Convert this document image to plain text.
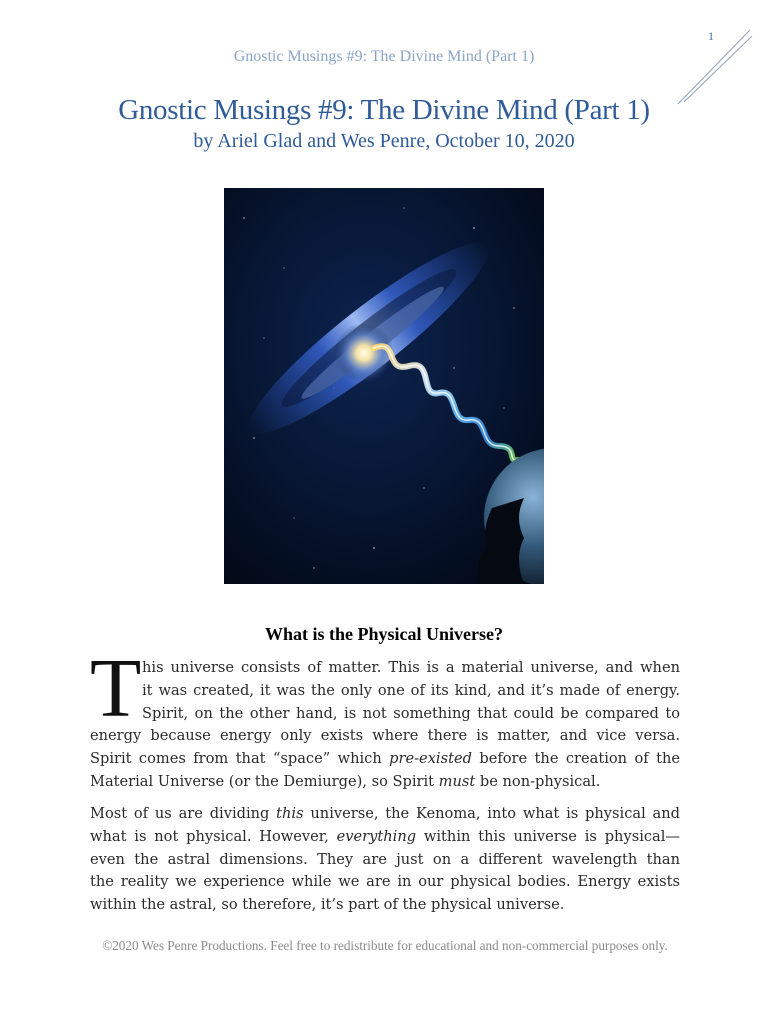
1
Gnostic Musings #9: The Divine Mind (Part 1)
Gnostic Musings #9: The Divine Mind (Part 1)
by Ariel Glad and Wes Penre, October 10, 2020
What is the Physical Universe?
T his universe consists of matter. This is a material universe, and when
it was created, it was the only one of its kind, and it’s made of energy.
Spirit, on the other hand, is not something that could be compared to
energy because energy only exists where there is matter, and vice versa.
Spirit comes from that “space” which pre-existed before the creation of the
Material Universe (or the Demiurge), so Spirit must be non-physical.
Most of us are dividing this universe, the Kenoma, into what is physical and
what is not physical. However, everything within this universe is physical—
even the astral dimensions. They are just on a different wavelength than
the reality we experience while we are in our physical bodies. Energy exists
within the astral, so therefore, it’s part of the physical universe.
©2020 Wes Penre Productions. Feel free to redistribute for educational and non-commercial purposes only.
